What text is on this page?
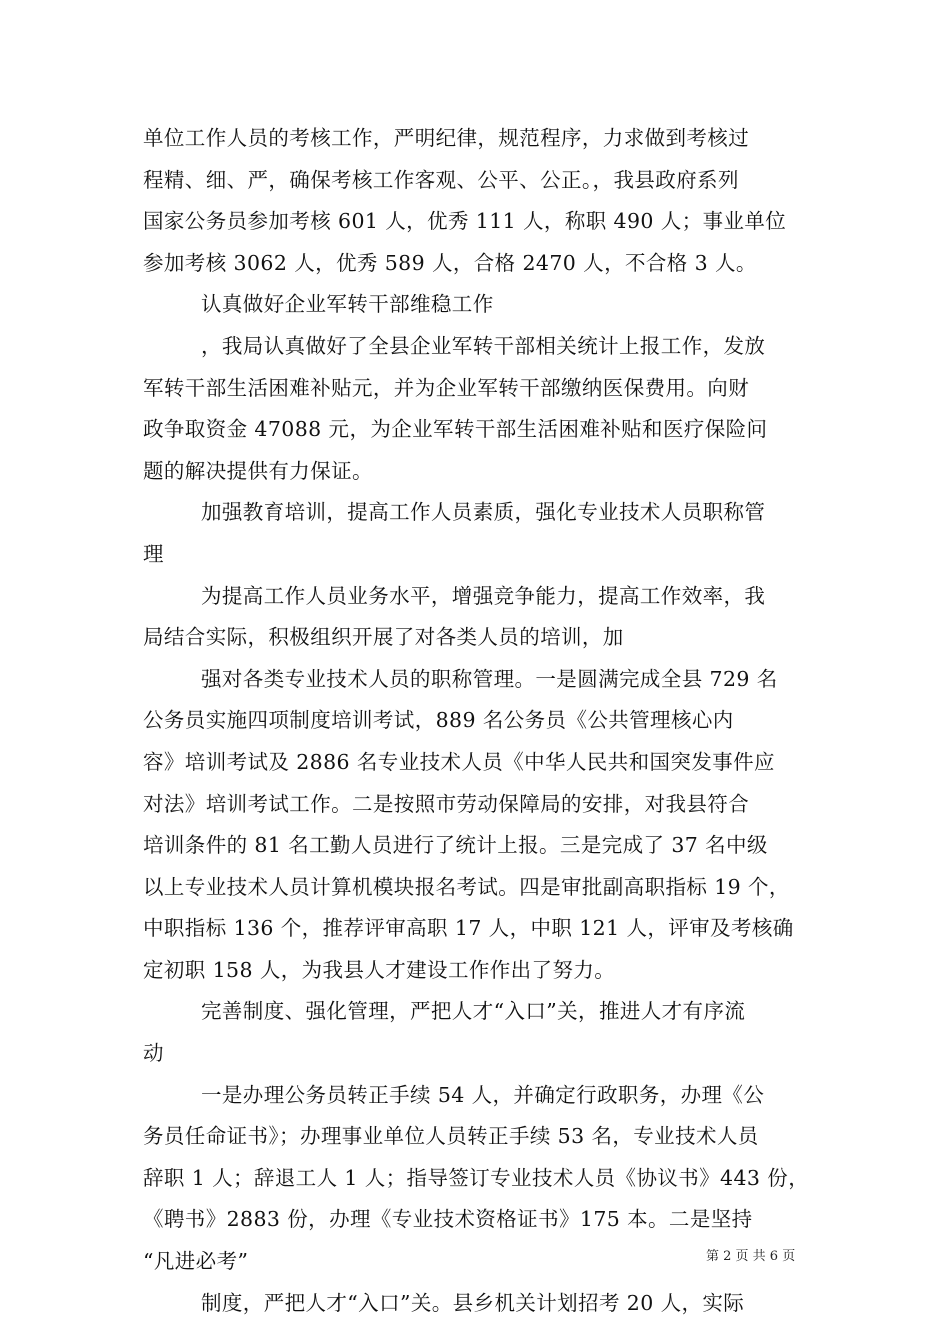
单位工作人员的考核工作，严明纪律，规范程序，力求做到考核过
程精、细、严，确保考核工作客观、公平、公正。，我县政府系列
国家公务员参加考核 601 人，优秀 111 人，称职 490 人；事业单位
参加考核 3062 人，优秀 589 人，合格 2470 人，不合格 3 人。
认真做好企业军转干部维稳工作
，我局认真做好了全县企业军转干部相关统计上报工作，发放
军转干部生活困难补贴元，并为企业军转干部缴纳医保费用。向财
政争取资金 47088 元，为企业军转干部生活困难补贴和医疗保险问
题的解决提供有力保证。
加强教育培训，提高工作人员素质，强化专业技术人员职称管
理
为提高工作人员业务水平，增强竞争能力，提高工作效率，我
局结合实际，积极组织开展了对各类人员的培训，加
强对各类专业技术人员的职称管理。一是圆满完成全县 729 名
公务员实施四项制度培训考试，889 名公务员《公共管理核心内
容》培训考试及 2886 名专业技术人员《中华人民共和国突发事件应
对法》培训考试工作。二是按照市劳动保障局的安排，对我县符合
培训条件的 81 名工勤人员进行了统计上报。三是完成了 37 名中级
以上专业技术人员计算机模块报名考试。四是审批副高职指标 19 个，
中职指标 136 个，推荐评审高职 17 人，中职 121 人，评审及考核确
定初职 158 人，为我县人才建设工作作出了努力。
完善制度、强化管理，严把人才“入口”关，推进人才有序流
动
一是办理公务员转正手续 54 人，并确定行政职务，办理《公
务员任命证书》；办理事业单位人员转正手续 53 名，专业技术人员
辞职 1 人；辞退工人 1 人；指导签订专业技术人员《协议书》443 份，
《聘书》2883 份，办理《专业技术资格证书》175 本。二是坚持
“凡进必考”
制度，严把人才“入口”关。县乡机关计划招考 20 人，实际
第 2 页 共 6 页
